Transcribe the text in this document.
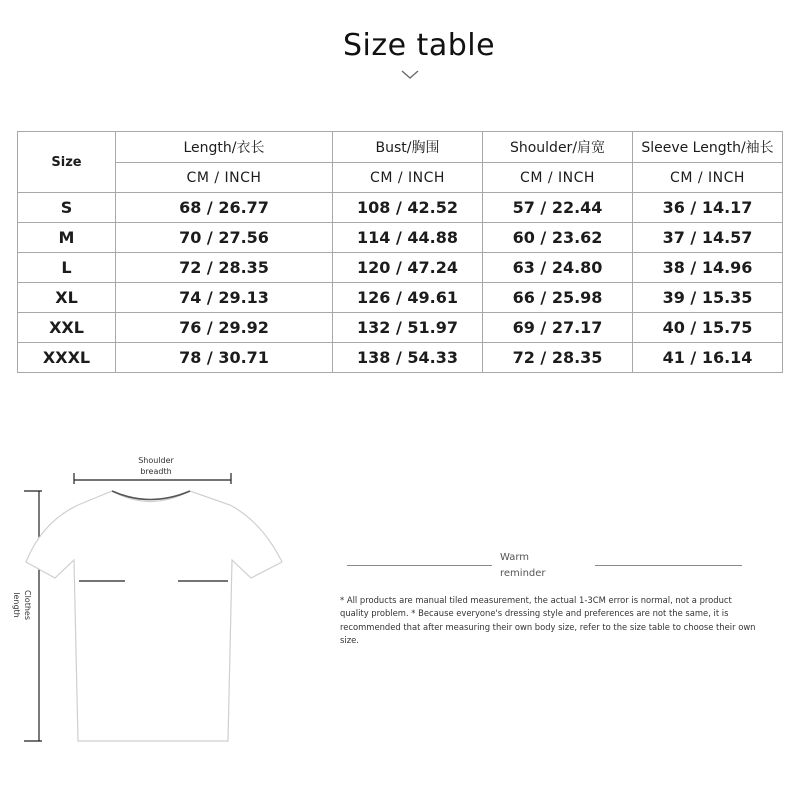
Size table
Size	Length/衣长	Bust/胸围	Shoulder/肩宽	Sleeve Length/袖长
	CM / INCH	CM / INCH	CM / INCH	CM / INCH
S	68 / 26.77	108 / 42.52	57 / 22.44	36 / 14.17
M	70 / 27.56	114 / 44.88	60 / 23.62	37 / 14.57
L	72 / 28.35	120 / 47.24	63 / 24.80	38 / 14.96
XL	74 / 29.13	126 / 49.61	66 / 25.98	39 / 15.35
XXL	76 / 29.92	132 / 51.97	69 / 27.17	40 / 15.75
XXXL	78 / 30.71	138 / 54.33	72 / 28.35	41 / 16.14
Shoulder
breadth
Clothes
length
Warm
reminder
* All products are manual tiled measurement, the actual 1-3CM error is normal, not a product quality problem. * Because everyone's dressing style and preferences are not the same, it is recommended that after measuring their own body size, refer to the size table to choose their own size.
